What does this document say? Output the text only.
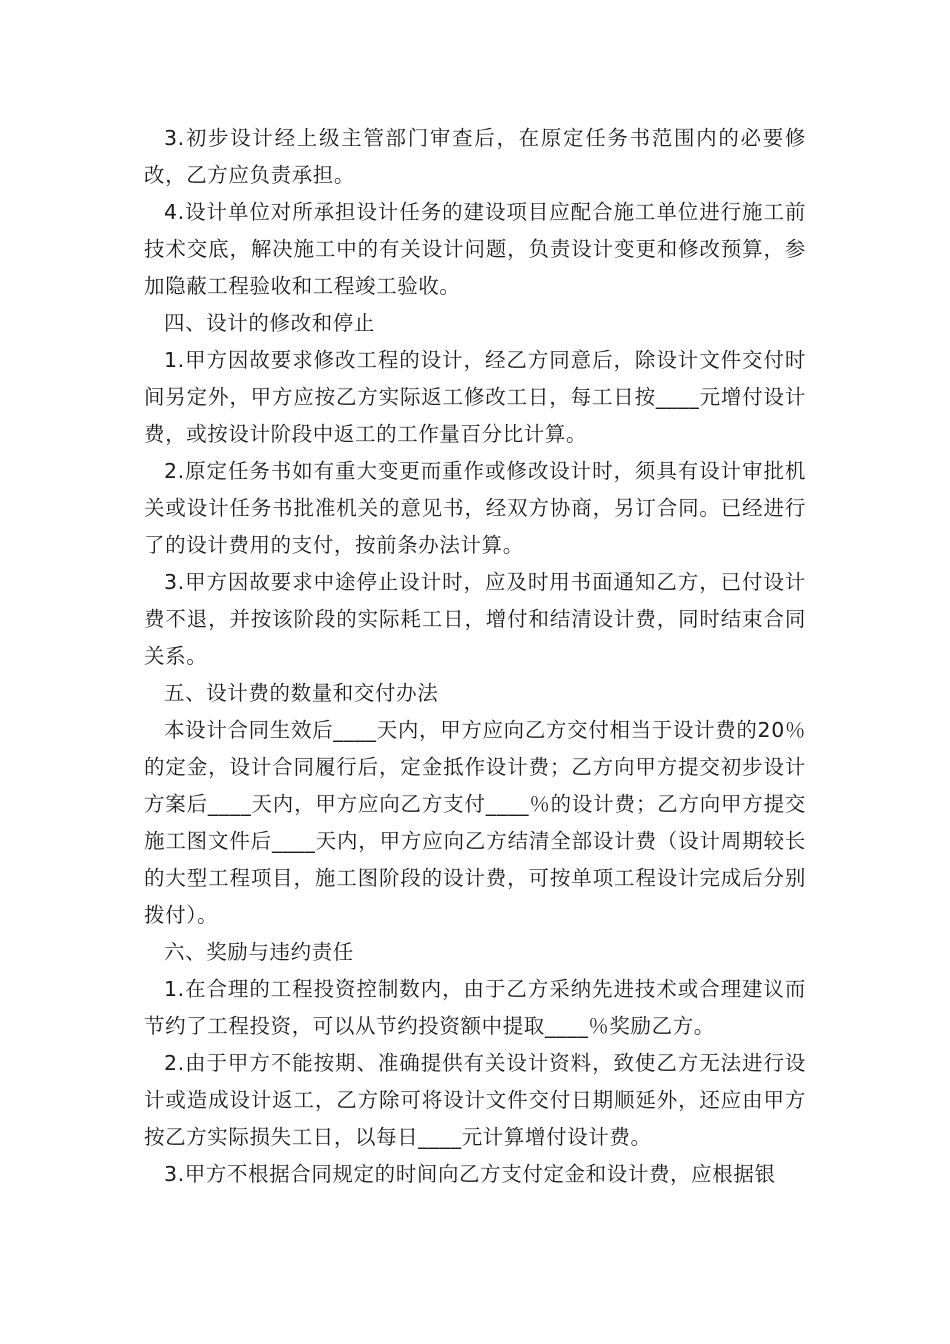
3.初步设计经上级主管部门审查后，在原定任务书范围内的必要修改，乙方应负责承担。

4.设计单位对所承担设计任务的建设项目应配合施工单位进行施工前技术交底，解决施工中的有关设计问题，负责设计变更和修改预算，参加隐蔽工程验收和工程竣工验收。

四、设计的修改和停止

1.甲方因故要求修改工程的设计，经乙方同意后，除设计文件交付时间另定外，甲方应按乙方实际返工修改工日，每工日按____元增付设计费，或按设计阶段中返工的工作量百分比计算。

2.原定任务书如有重大变更而重作或修改设计时，须具有设计审批机关或设计任务书批准机关的意见书，经双方协商，另订合同。已经进行了的设计费用的支付，按前条办法计算。

3.甲方因故要求中途停止设计时，应及时用书面通知乙方，已付设计费不退，并按该阶段的实际耗工日，增付和结清设计费，同时结束合同关系。

五、设计费的数量和交付办法

本设计合同生效后____天内，甲方应向乙方交付相当于设计费的20％的定金，设计合同履行后，定金抵作设计费；乙方向甲方提交初步设计方案后____天内，甲方应向乙方支付____％的设计费；乙方向甲方提交施工图文件后____天内，甲方应向乙方结清全部设计费（设计周期较长的大型工程项目，施工图阶段的设计费，可按单项工程设计完成后分别拨付）。

六、奖励与违约责任

1.在合理的工程投资控制数内，由于乙方采纳先进技术或合理建议而节约了工程投资，可以从节约投资额中提取____％奖励乙方。

2.由于甲方不能按期、准确提供有关设计资料，致使乙方无法进行设计或造成设计返工，乙方除可将设计文件交付日期顺延外，还应由甲方按乙方实际损失工日，以每日____元计算增付设计费。

3.甲方不根据合同规定的时间向乙方支付定金和设计费，应根据银
